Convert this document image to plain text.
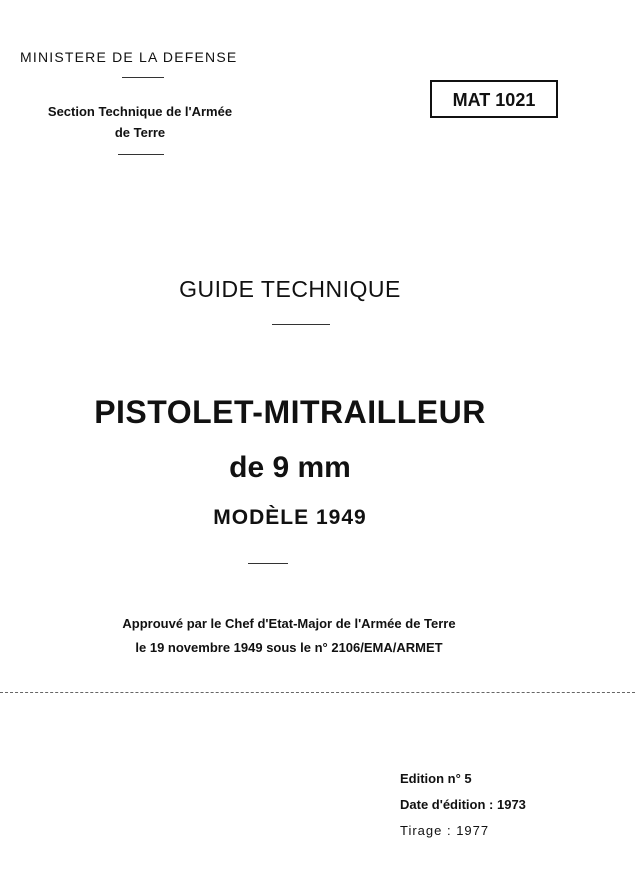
MINISTERE DE LA DEFENSE
Section Technique de l'Armée
de Terre
MAT 1021
GUIDE TECHNIQUE
PISTOLET-MITRAILLEUR
de 9 mm
MODÈLE 1949
Approuvé par le Chef d'Etat-Major de l'Armée de Terre
le 19 novembre 1949 sous le n° 2106/EMA/ARMET
Edition n° 5
Date d'édition : 1973
Tirage : 1977
